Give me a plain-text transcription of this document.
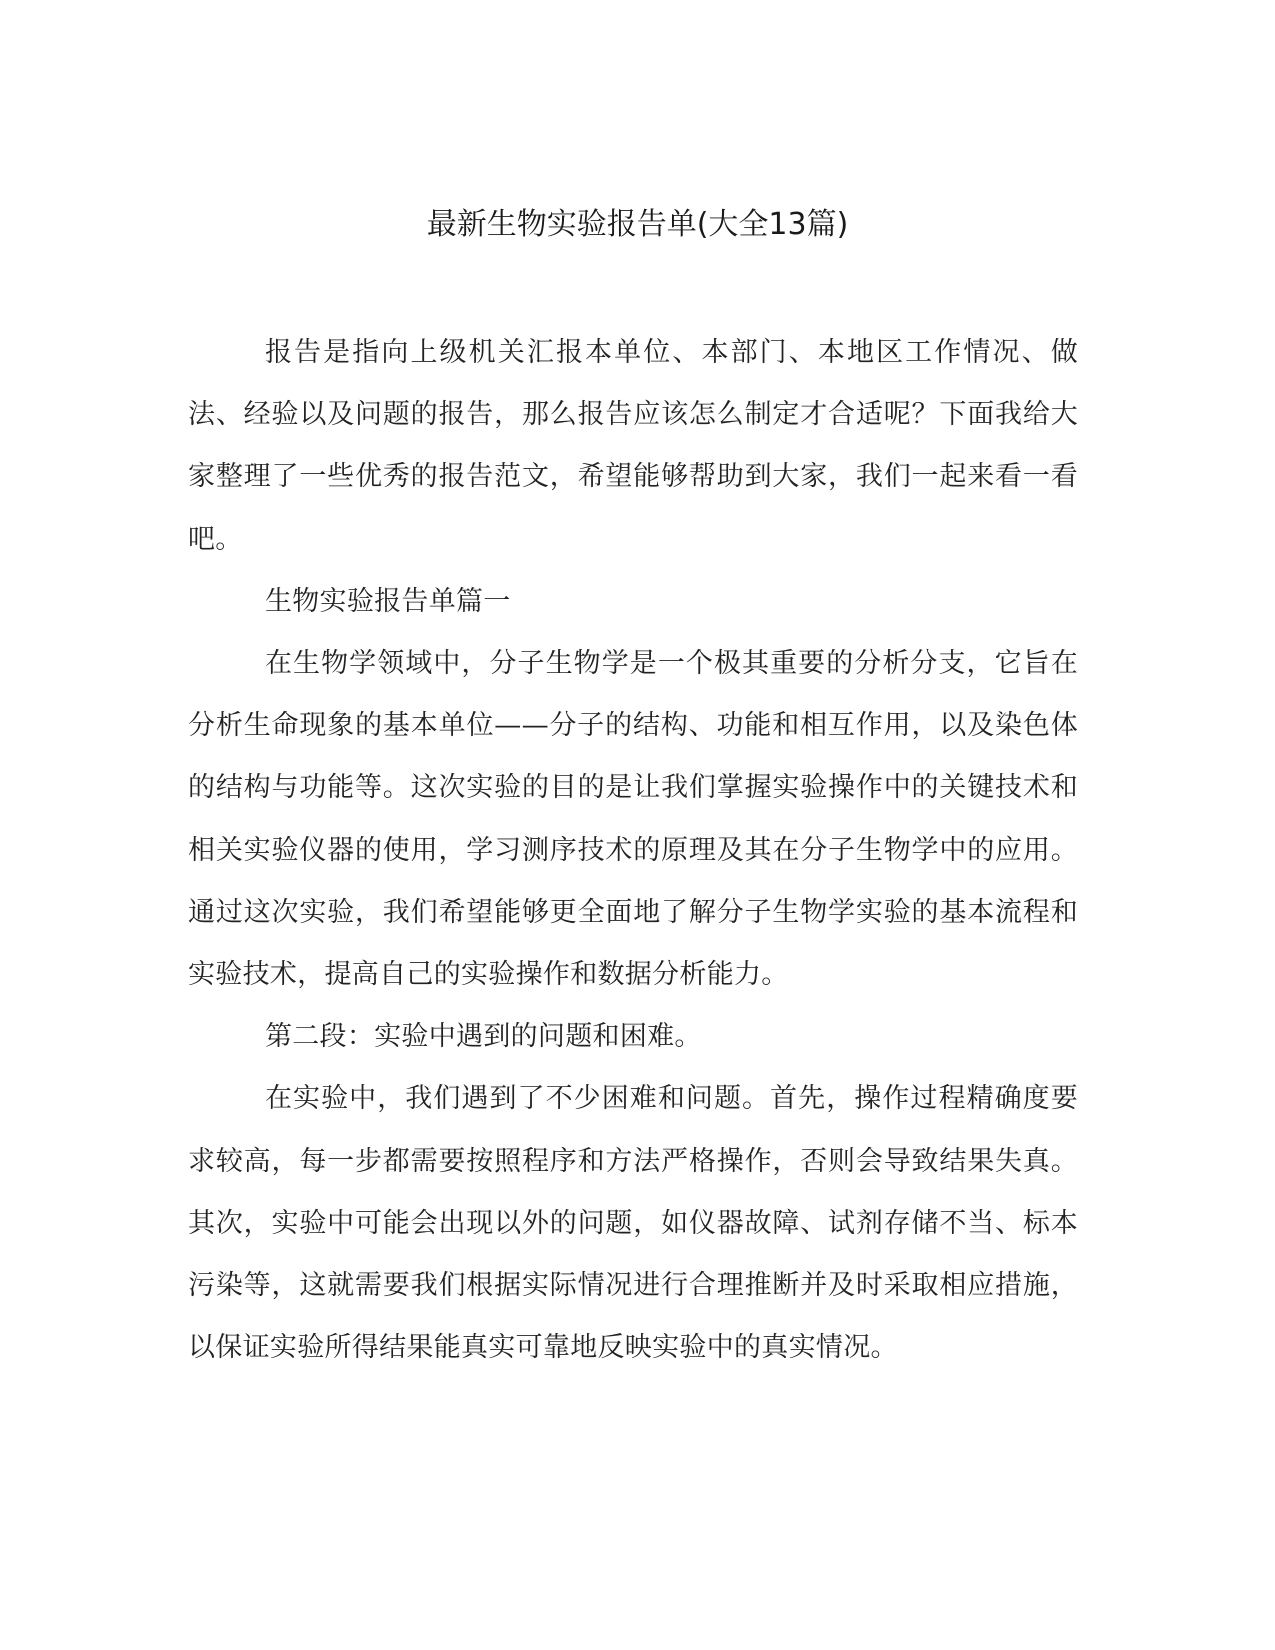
最新生物实验报告单(大全13篇)

报告是指向上级机关汇报本单位、本部门、本地区工作情况、做法、经验以及问题的报告，那么报告应该怎么制定才合适呢？下面我给大家整理了一些优秀的报告范文，希望能够帮助到大家，我们一起来看一看吧。

生物实验报告单篇一

在生物学领域中，分子生物学是一个极其重要的分析分支，它旨在分析生命现象的基本单位——分子的结构、功能和相互作用，以及染色体的结构与功能等。这次实验的目的是让我们掌握实验操作中的关键技术和相关实验仪器的使用，学习测序技术的原理及其在分子生物学中的应用。通过这次实验，我们希望能够更全面地了解分子生物学实验的基本流程和实验技术，提高自己的实验操作和数据分析能力。

第二段：实验中遇到的问题和困难。

在实验中，我们遇到了不少困难和问题。首先，操作过程精确度要求较高，每一步都需要按照程序和方法严格操作，否则会导致结果失真。其次，实验中可能会出现以外的问题，如仪器故障、试剂存储不当、标本污染等，这就需要我们根据实际情况进行合理推断并及时采取相应措施，以保证实验所得结果能真实可靠地反映实验中的真实情况。
